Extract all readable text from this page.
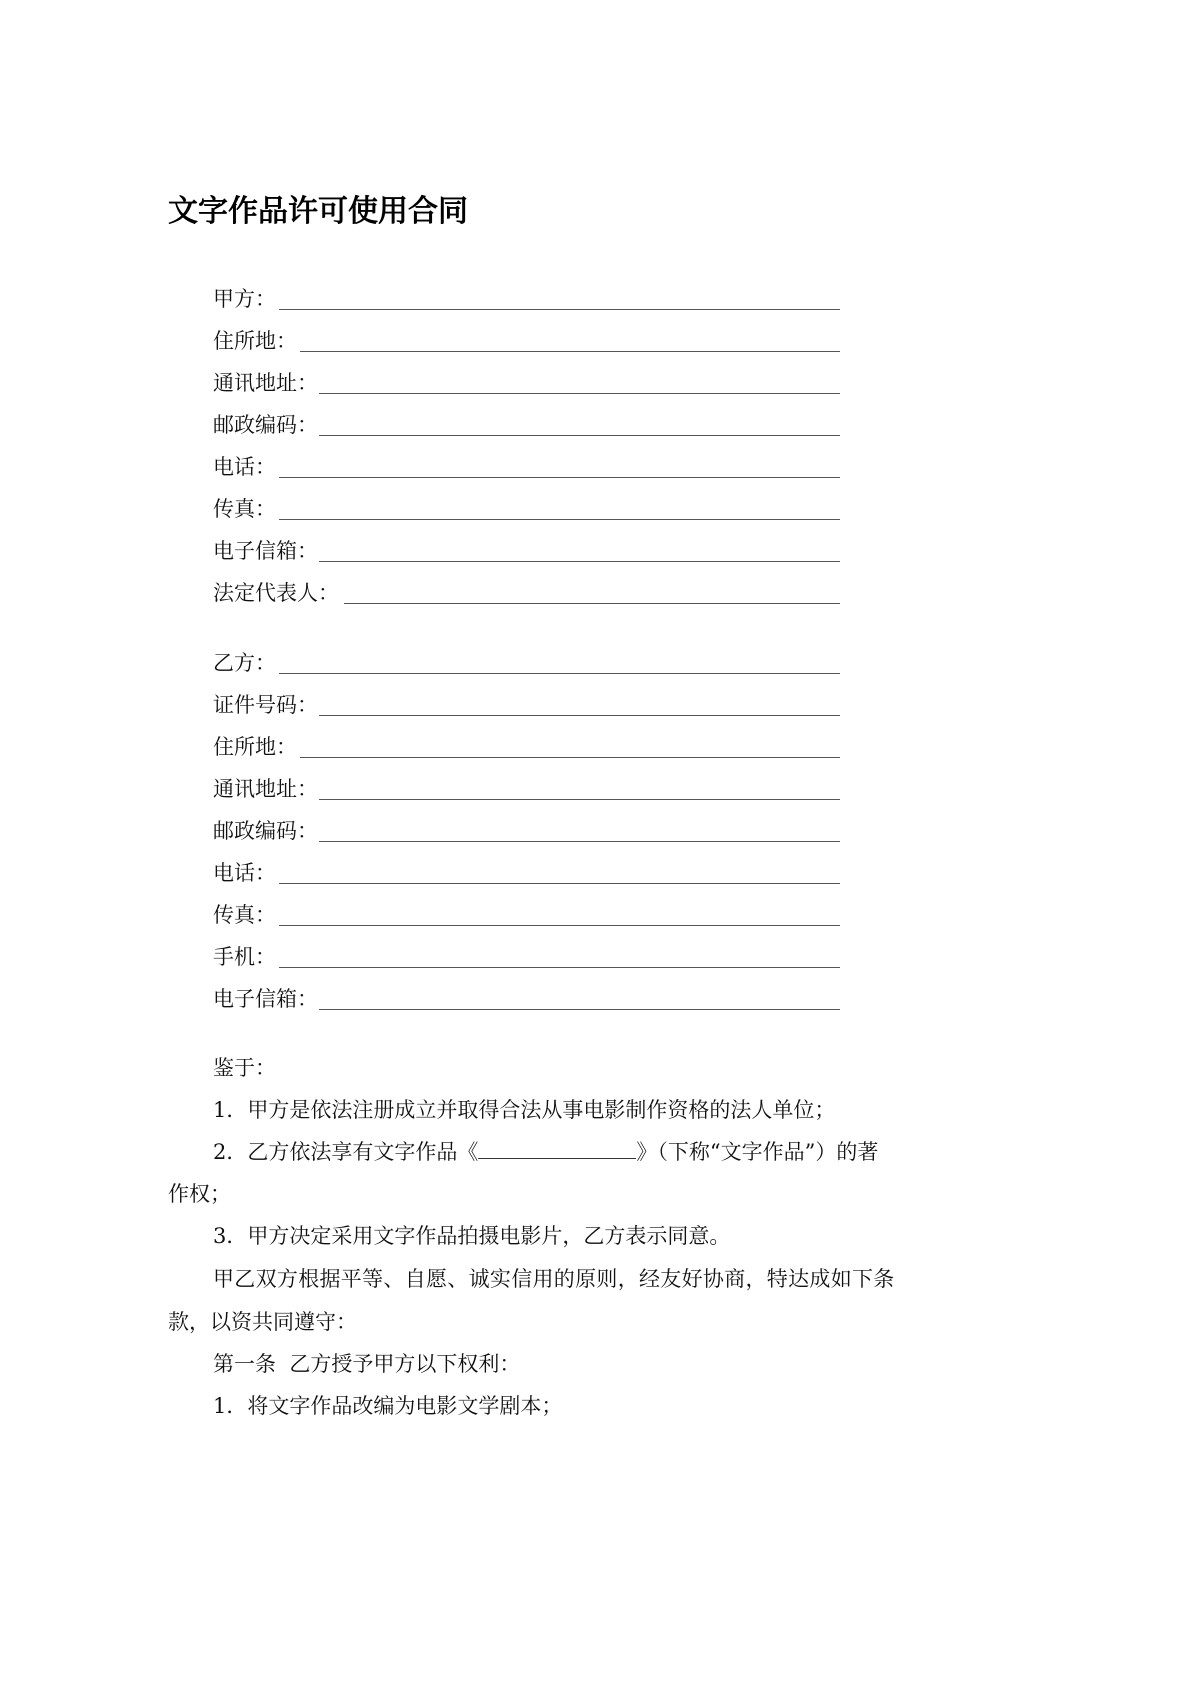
文字作品许可使用合同
甲方：
住所地：
通讯地址：
邮政编码：
电话：
传真：
电子信箱：
法定代表人：
乙方：
证件号码：
住所地：
通讯地址：
邮政编码：
电话：
传真：
手机：
电子信箱：
鉴于：
1．甲方是依法注册成立并取得合法从事电影制作资格的法人单位；
2．乙方依法享有文字作品《	》（下称“文字作品”）的著
作权；
3．甲方决定采用文字作品拍摄电影片，乙方表示同意。
甲乙双方根据平等、自愿、诚实信用的原则，经友好协商，特达成如下条
款，以资共同遵守：
第一条  乙方授予甲方以下权利：
1．将文字作品改编为电影文学剧本；
